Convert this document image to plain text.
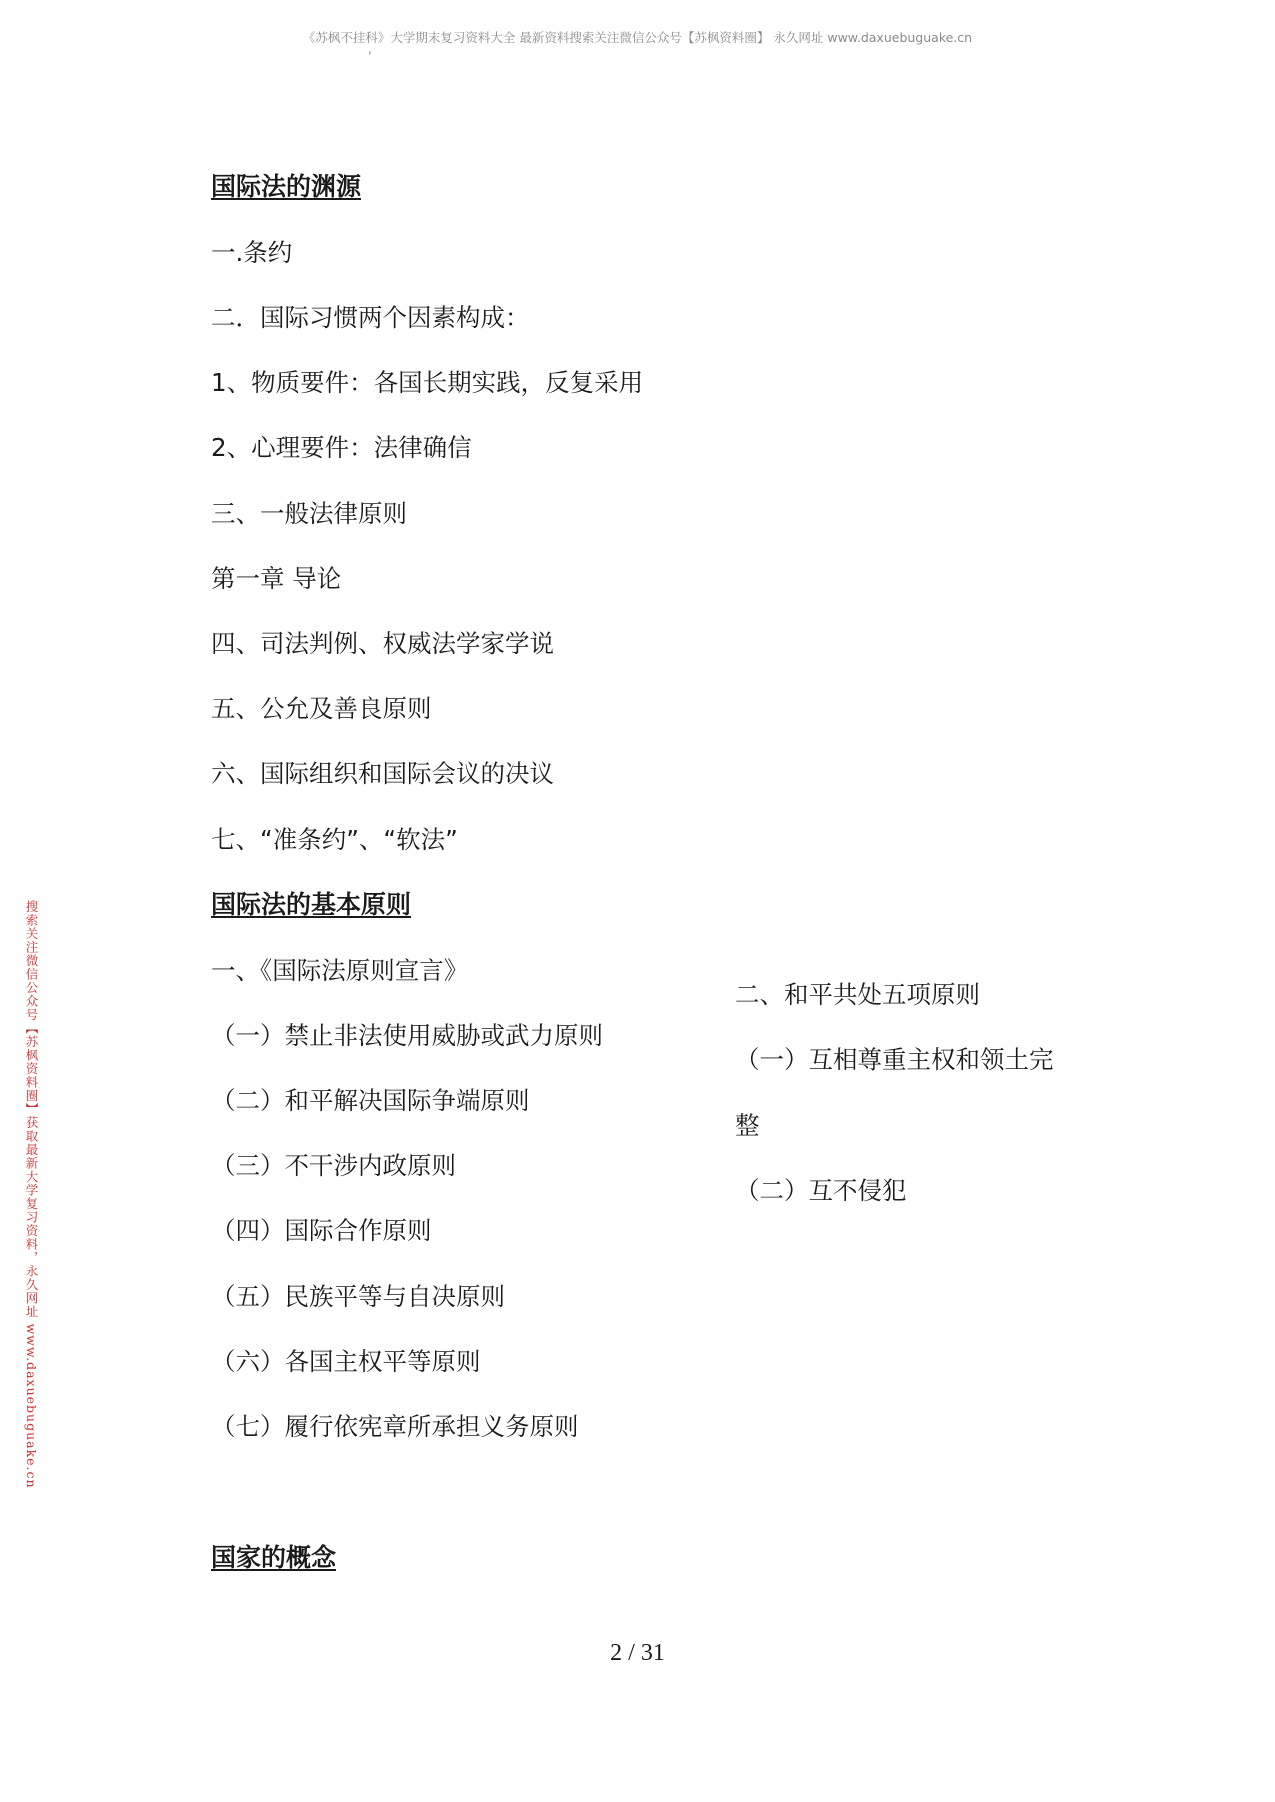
《苏枫不挂科》大学期末复习资料大全 最新资料搜索关注微信公众号【苏枫资料圈】 永久网址 www.daxuebuguake.cn
,
搜索关注微信公众号【苏枫资料圈】获取最新大学复习资料，永久网址 www.daxuebuguake.cn
国际法的渊源
一.条约
二．国际习惯两个因素构成：
1、物质要件：各国长期实践，反复采用
2、心理要件：法律确信
三、一般法律原则
第一章 导论
四、司法判例、权威法学家学说
五、公允及善良原则
六、国际组织和国际会议的决议
七、“准条约”、“软法”
国际法的基本原则
一、《国际法原则宣言》
（一）禁止非法使用威胁或武力原则
（二）和平解决国际争端原则
（三）不干涉内政原则
（四）国际合作原则
（五）民族平等与自决原则
（六）各国主权平等原则
（七）履行依宪章所承担义务原则
二、和平共处五项原则
（一）互相尊重主权和领土完
整
（二）互不侵犯
国家的概念
2 / 31
